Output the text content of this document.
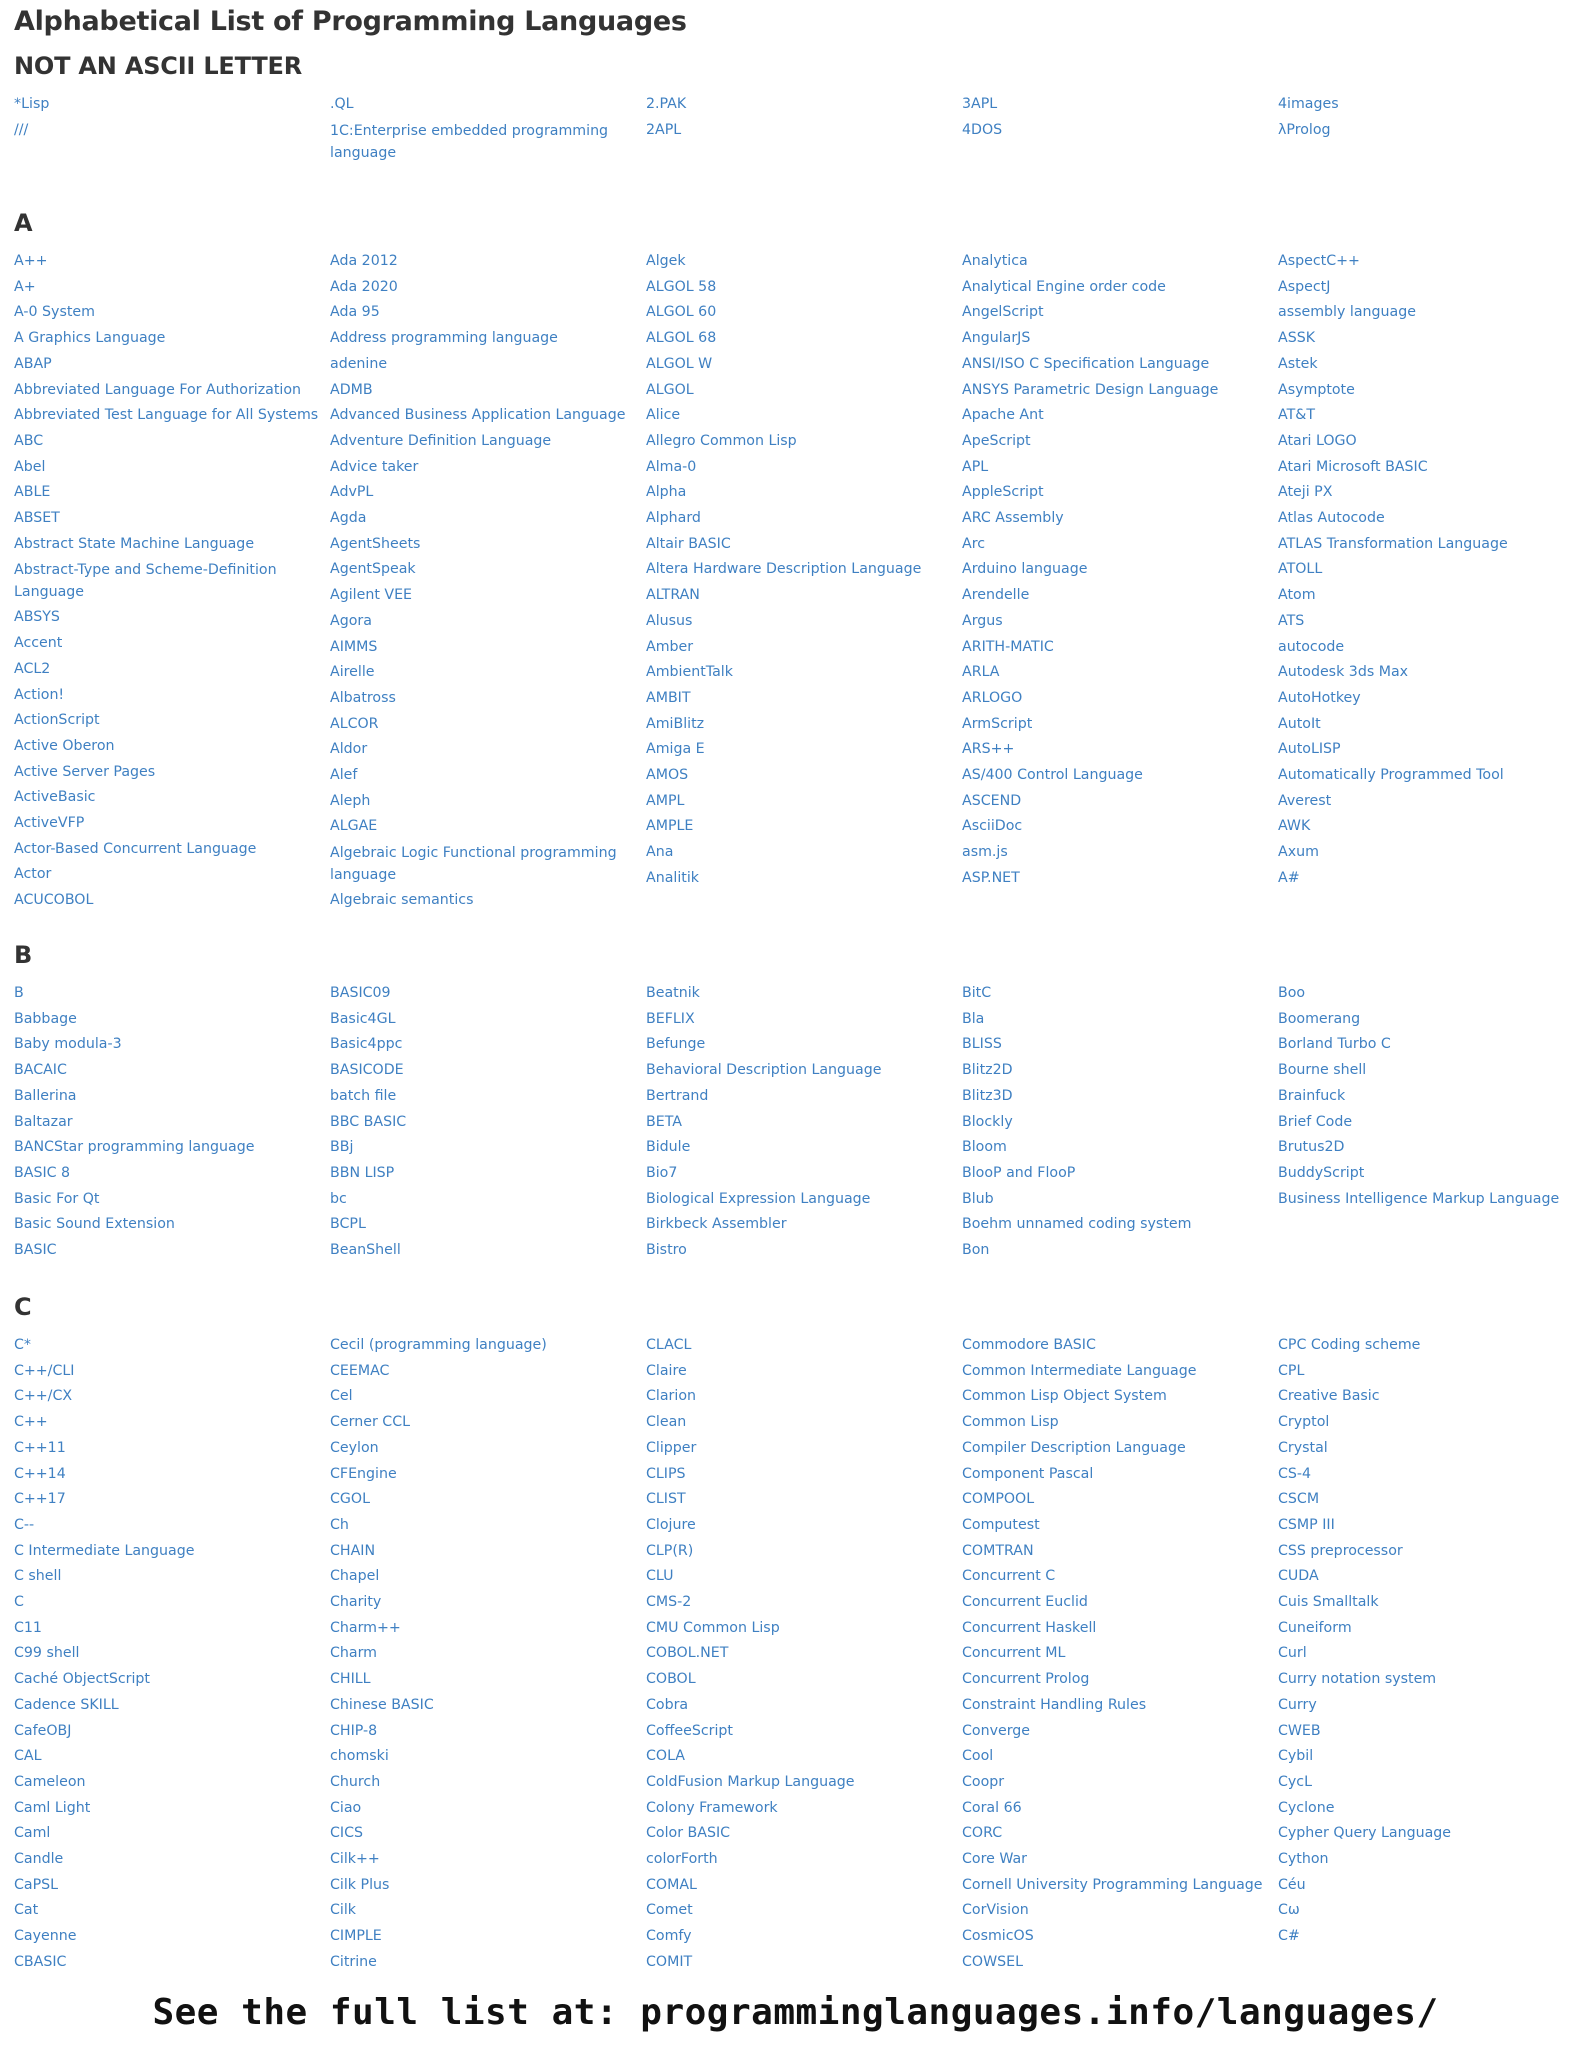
Alphabetical List of Programming Languages
NOT AN ASCII LETTER
*Lisp
///
.QL
1C:Enterprise embedded programming language
2.PAK
2APL
3APL
4DOS
4images
λProlog
A
A++
A+
A-0 System
A Graphics Language
ABAP
Abbreviated Language For Authorization
Abbreviated Test Language for All Systems
ABC
Abel
ABLE
ABSET
Abstract State Machine Language
Abstract-Type and Scheme-Definition Language
ABSYS
Accent
ACL2
Action!
ActionScript
Active Oberon
Active Server Pages
ActiveBasic
ActiveVFP
Actor-Based Concurrent Language
Actor
ACUCOBOL
Ada 2012
Ada 2020
Ada 95
Address programming language
adenine
ADMB
Advanced Business Application Language
Adventure Definition Language
Advice taker
AdvPL
Agda
AgentSheets
AgentSpeak
Agilent VEE
Agora
AIMMS
Airelle
Albatross
ALCOR
Aldor
Alef
Aleph
ALGAE
Algebraic Logic Functional programming language
Algebraic semantics
Algek
ALGOL 58
ALGOL 60
ALGOL 68
ALGOL W
ALGOL
Alice
Allegro Common Lisp
Alma-0
Alpha
Alphard
Altair BASIC
Altera Hardware Description Language
ALTRAN
Alusus
Amber
AmbientTalk
AMBIT
AmiBlitz
Amiga E
AMOS
AMPL
AMPLE
Ana
Analitik
Analytica
Analytical Engine order code
AngelScript
AngularJS
ANSI/ISO C Specification Language
ANSYS Parametric Design Language
Apache Ant
ApeScript
APL
AppleScript
ARC Assembly
Arc
Arduino language
Arendelle
Argus
ARITH-MATIC
ARLA
ARLOGO
ArmScript
ARS++
AS/400 Control Language
ASCEND
AsciiDoc
asm.js
ASP.NET
AspectC++
AspectJ
assembly language
ASSK
Astek
Asymptote
AT&T
Atari LOGO
Atari Microsoft BASIC
Ateji PX
Atlas Autocode
ATLAS Transformation Language
ATOLL
Atom
ATS
autocode
Autodesk 3ds Max
AutoHotkey
AutoIt
AutoLISP
Automatically Programmed Tool
Averest
AWK
Axum
A#
B
B
Babbage
Baby modula-3
BACAIC
Ballerina
Baltazar
BANCStar programming language
BASIC 8
Basic For Qt
Basic Sound Extension
BASIC
BASIC09
Basic4GL
Basic4ppc
BASICODE
batch file
BBC BASIC
BBj
BBN LISP
bc
BCPL
BeanShell
Beatnik
BEFLIX
Befunge
Behavioral Description Language
Bertrand
BETA
Bidule
Bio7
Biological Expression Language
Birkbeck Assembler
Bistro
BitC
Bla
BLISS
Blitz2D
Blitz3D
Blockly
Bloom
BlooP and FlooP
Blub
Boehm unnamed coding system
Bon
Boo
Boomerang
Borland Turbo C
Bourne shell
Brainfuck
Brief Code
Brutus2D
BuddyScript
Business Intelligence Markup Language
C
C*
C++/CLI
C++/CX
C++
C++11
C++14
C++17
C--
C Intermediate Language
C shell
C
C11
C99 shell
Caché ObjectScript
Cadence SKILL
CafeOBJ
CAL
Cameleon
Caml Light
Caml
Candle
CaPSL
Cat
Cayenne
CBASIC
Cecil (programming language)
CEEMAC
Cel
Cerner CCL
Ceylon
CFEngine
CGOL
Ch
CHAIN
Chapel
Charity
Charm++
Charm
CHILL
Chinese BASIC
CHIP-8
chomski
Church
Ciao
CICS
Cilk++
Cilk Plus
Cilk
CIMPLE
Citrine
CLACL
Claire
Clarion
Clean
Clipper
CLIPS
CLIST
Clojure
CLP(R)
CLU
CMS-2
CMU Common Lisp
COBOL.NET
COBOL
Cobra
CoffeeScript
COLA
ColdFusion Markup Language
Colony Framework
Color BASIC
colorForth
COMAL
Comet
Comfy
COMIT
Commodore BASIC
Common Intermediate Language
Common Lisp Object System
Common Lisp
Compiler Description Language
Component Pascal
COMPOOL
Computest
COMTRAN
Concurrent C
Concurrent Euclid
Concurrent Haskell
Concurrent ML
Concurrent Prolog
Constraint Handling Rules
Converge
Cool
Coopr
Coral 66
CORC
Core War
Cornell University Programming Language
CorVision
CosmicOS
COWSEL
CPC Coding scheme
CPL
Creative Basic
Cryptol
Crystal
CS-4
CSCM
CSMP III
CSS preprocessor
CUDA
Cuis Smalltalk
Cuneiform
Curl
Curry notation system
Curry
CWEB
Cybil
CycL
Cyclone
Cypher Query Language
Cython
Céu
Cω
C#
See the full list at: programminglanguages.info/languages/
